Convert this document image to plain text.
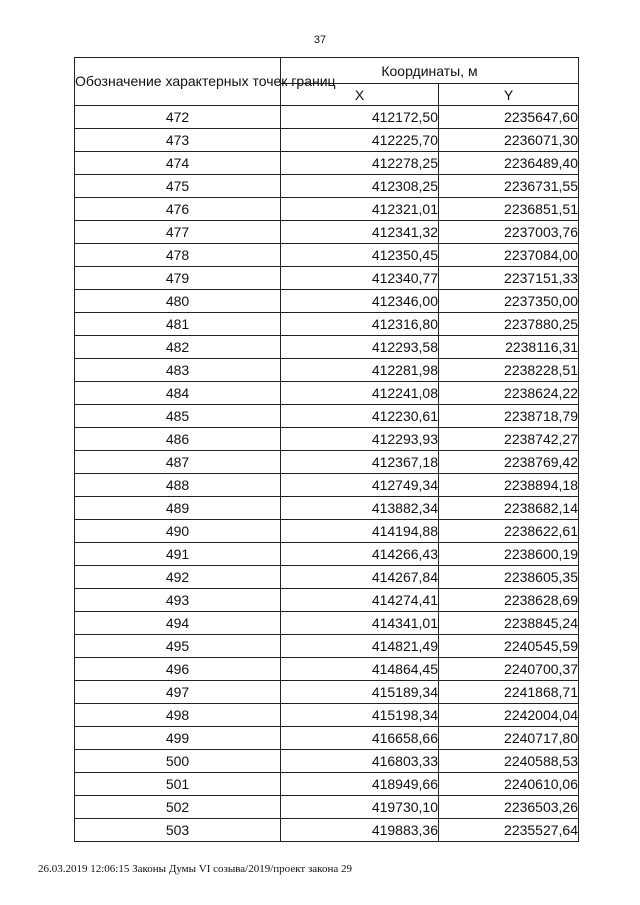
37
Обозначение характерных точек границ	Координаты, м	
	X	Y
472	412172,50	2235647,60
473	412225,70	2236071,30
474	412278,25	2236489,40
475	412308,25	2236731,55
476	412321,01	2236851,51
477	412341,32	2237003,76
478	412350,45	2237084,00
479	412340,77	2237151,33
480	412346,00	2237350,00
481	412316,80	2237880,25
482	412293,58	2238116,31
483	412281,98	2238228,51
484	412241,08	2238624,22
485	412230,61	2238718,79
486	412293,93	2238742,27
487	412367,18	2238769,42
488	412749,34	2238894,18
489	413882,34	2238682,14
490	414194,88	2238622,61
491	414266,43	2238600,19
492	414267,84	2238605,35
493	414274,41	2238628,69
494	414341,01	2238845,24
495	414821,49	2240545,59
496	414864,45	2240700,37
497	415189,34	2241868,71
498	415198,34	2242004,04
499	416658,66	2240717,80
500	416803,33	2240588,53
501	418949,66	2240610,06
502	419730,10	2236503,26
503	419883,36	2235527,64
26.03.2019 12:06:15 Законы Думы VI созыва/2019/проект закона 29
